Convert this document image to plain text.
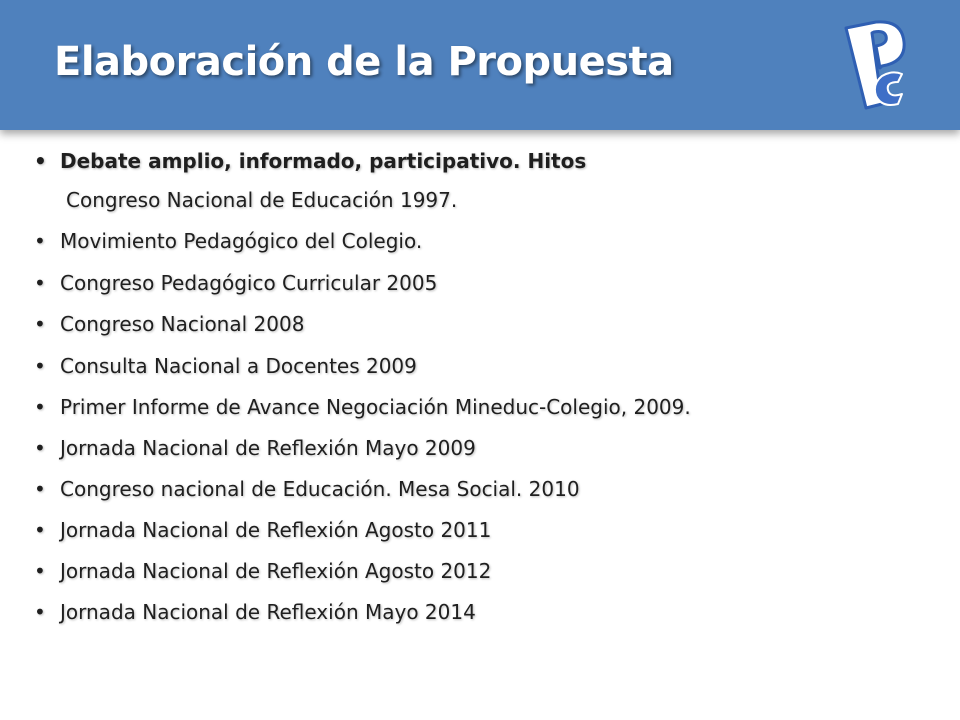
Elaboración de la Propuesta
• Debate amplio, informado, participativo. Hitos
Congreso Nacional de Educación 1997.
• Movimiento Pedagógico del Colegio.
• Congreso Pedagógico Curricular 2005
• Congreso Nacional 2008
• Consulta Nacional a Docentes 2009
• Primer Informe de Avance Negociación Mineduc-Colegio, 2009.
• Jornada Nacional de Reflexión Mayo 2009
• Congreso nacional de Educación. Mesa Social. 2010
• Jornada Nacional de Reflexión Agosto 2011
• Jornada Nacional de Reflexión Agosto 2012
• Jornada Nacional de Reflexión Mayo 2014
